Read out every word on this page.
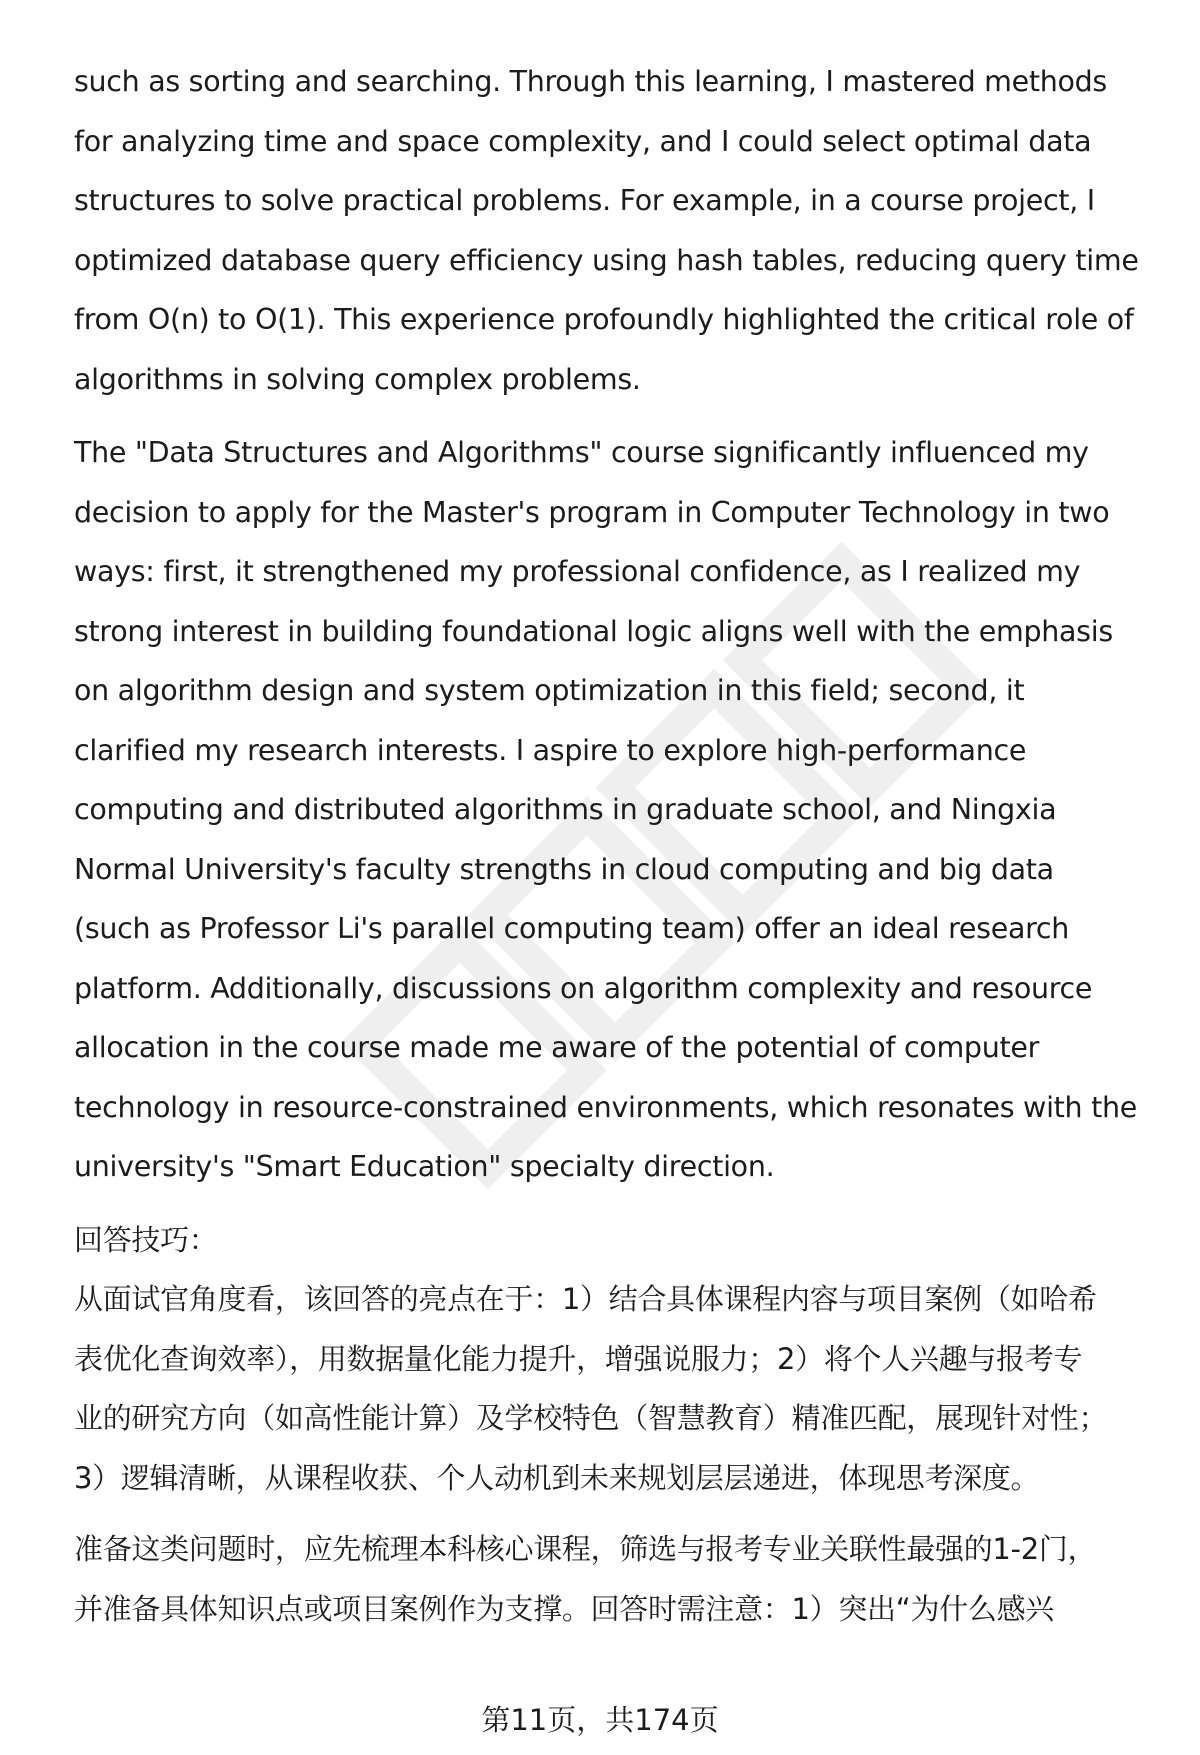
such as sorting and searching. Through this learning, I mastered methods
for analyzing time and space complexity, and I could select optimal data
structures to solve practical problems. For example, in a course project, I
optimized database query efficiency using hash tables, reducing query time
from O(n) to O(1). This experience profoundly highlighted the critical role of
algorithms in solving complex problems.

The "Data Structures and Algorithms" course significantly influenced my
decision to apply for the Master's program in Computer Technology in two
ways: first, it strengthened my professional confidence, as I realized my
strong interest in building foundational logic aligns well with the emphasis
on algorithm design and system optimization in this field; second, it
clarified my research interests. I aspire to explore high-performance
computing and distributed algorithms in graduate school, and Ningxia
Normal University's faculty strengths in cloud computing and big data
(such as Professor Li's parallel computing team) offer an ideal research
platform. Additionally, discussions on algorithm complexity and resource
allocation in the course made me aware of the potential of computer
technology in resource-constrained environments, which resonates with the
university's "Smart Education" specialty direction.

回答技巧：
从面试官角度看，该回答的亮点在于：1）结合具体课程内容与项目案例（如哈希
表优化查询效率），用数据量化能力提升，增强说服力；2）将个人兴趣与报考专
业的研究方向（如高性能计算）及学校特色（智慧教育）精准匹配，展现针对性；
3）逻辑清晰，从课程收获、个人动机到未来规划层层递进，体现思考深度。

准备这类问题时，应先梳理本科核心课程，筛选与报考专业关联性最强的1-2门，
并准备具体知识点或项目案例作为支撑。回答时需注意：1）突出“为什么感兴

第11页，共174页
